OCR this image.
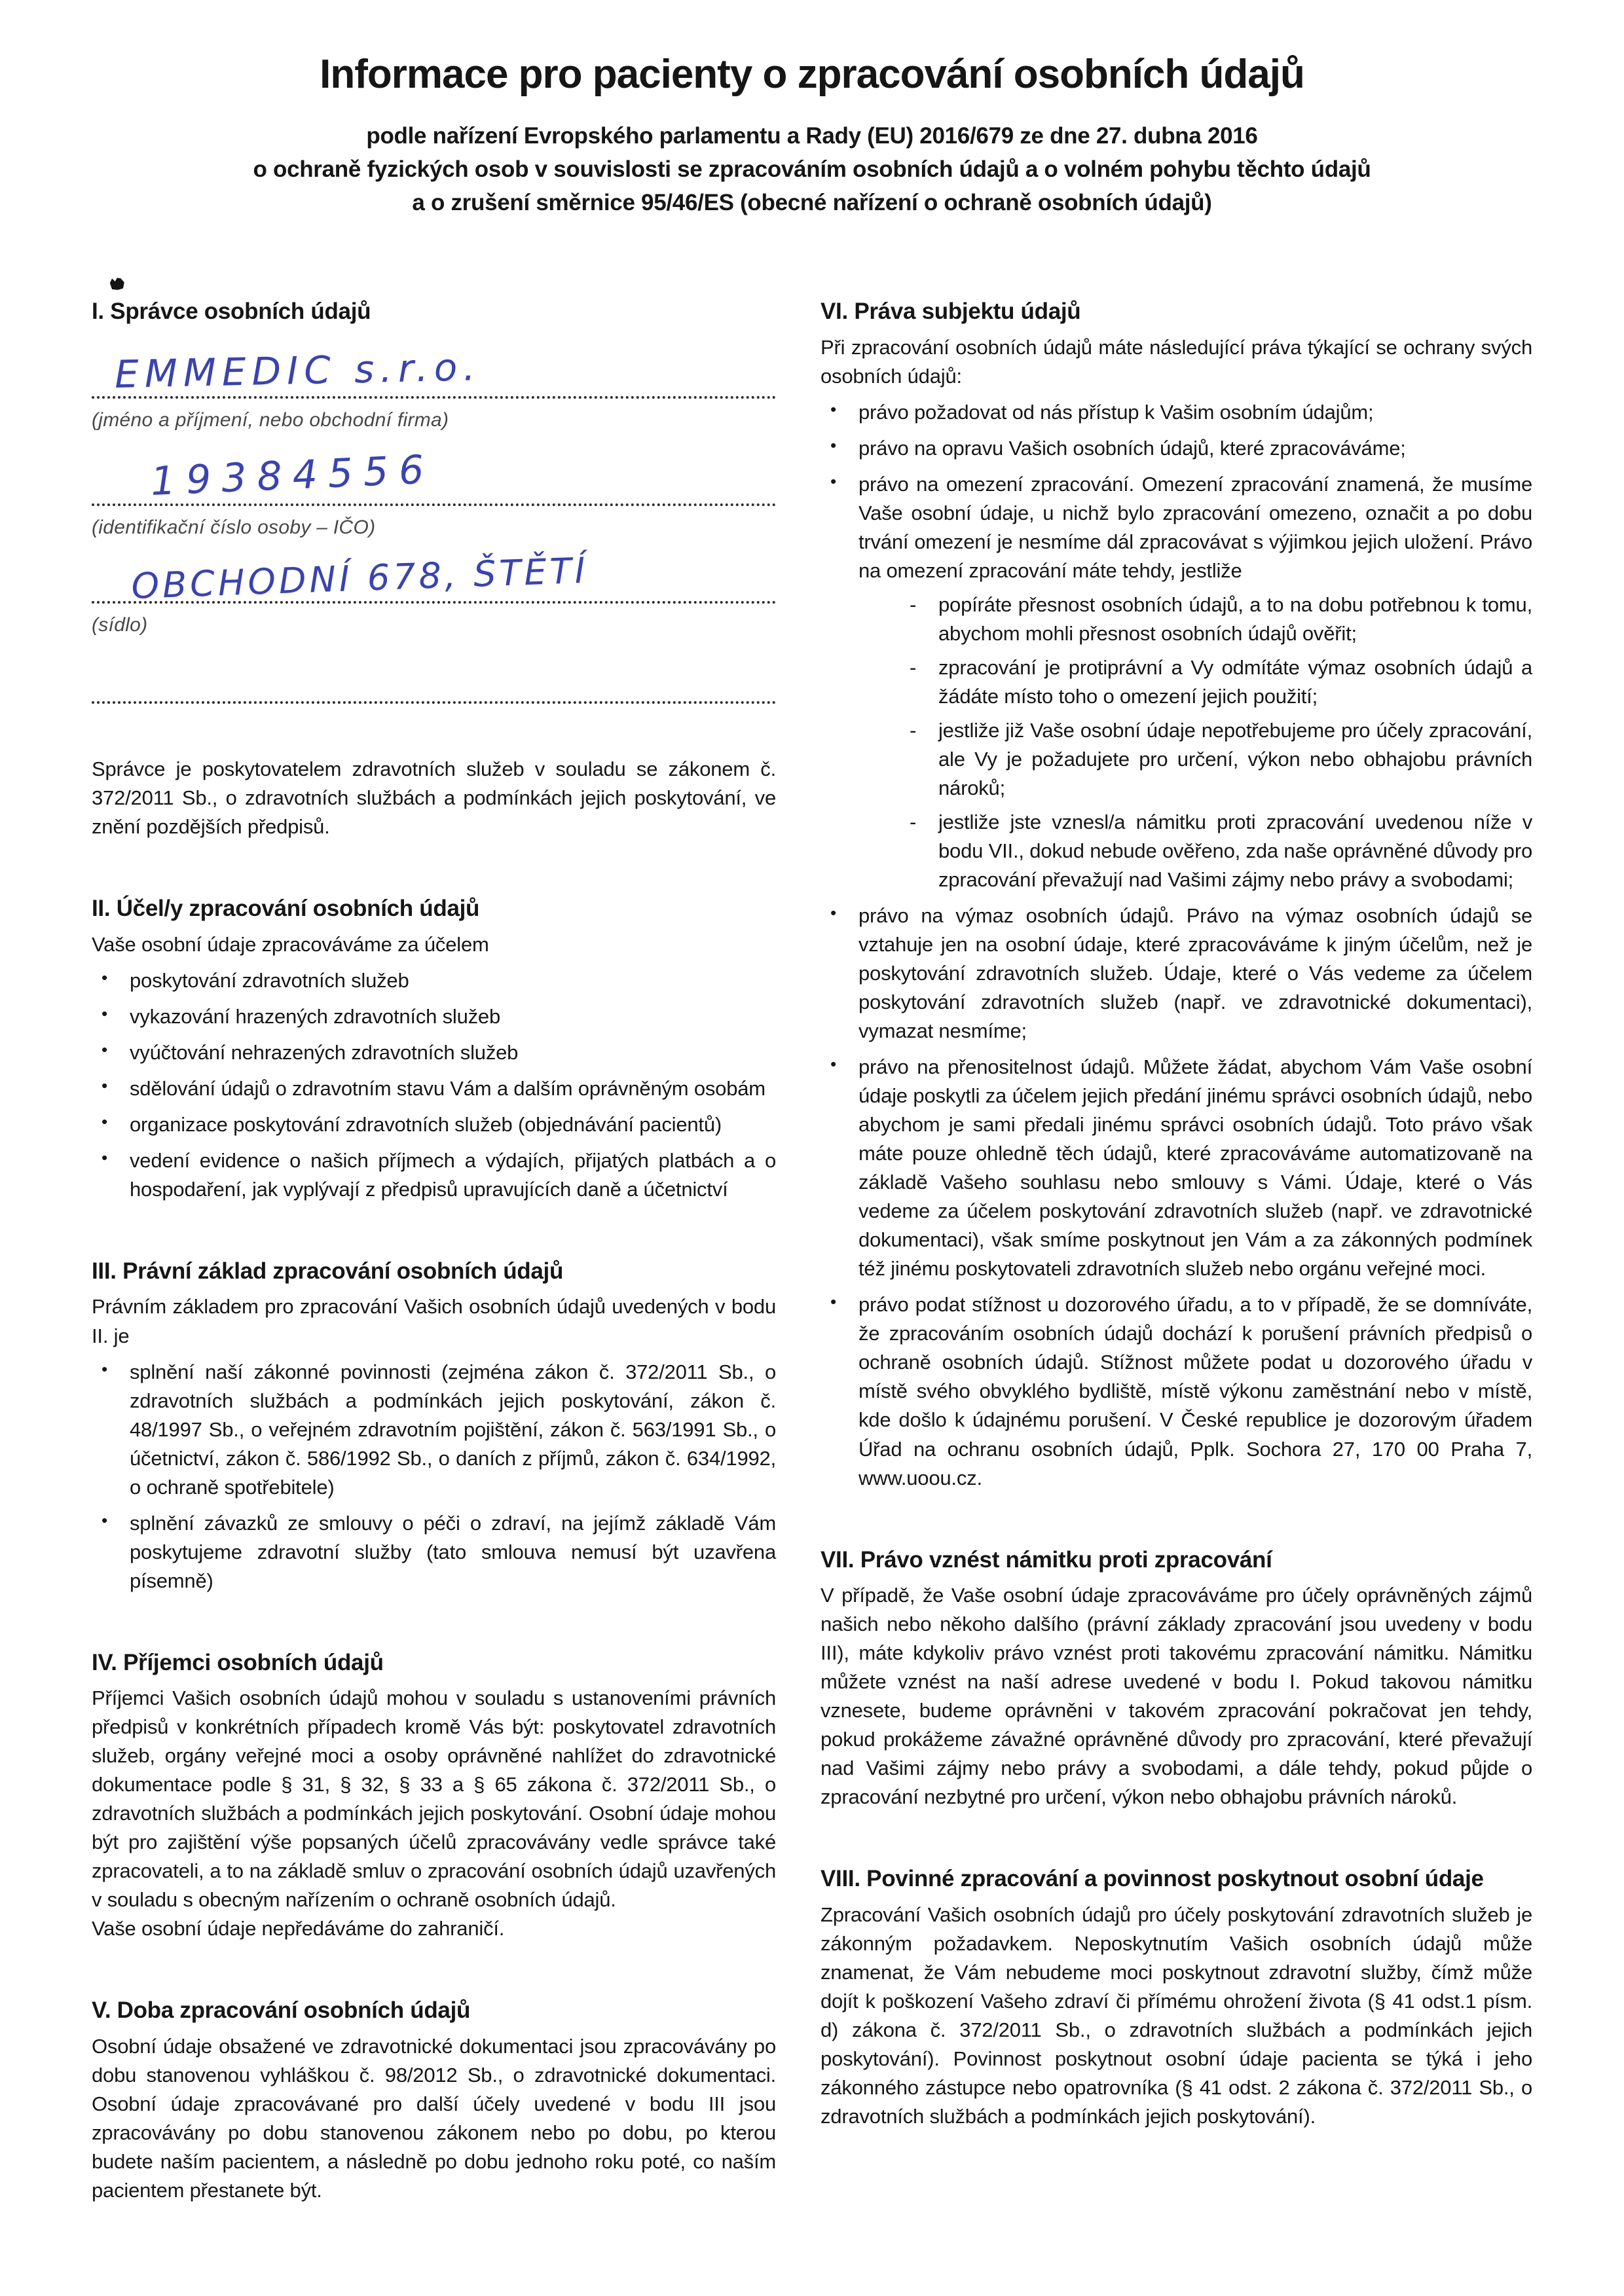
Informace pro pacienty o zpracování osobních údajů

podle nařízení Evropského parlamentu a Rady (EU) 2016/679 ze dne 27. dubna 2016

o ochraně fyzických osob v souvislosti se zpracováním osobních údajů a o volném pohybu těchto údajů

a o zrušení směrnice 95/46/ES (obecné nařízení o ochraně osobních údajů)

I. Správce osobních údajů
EMMEDIC s.r.o.
(jméno a příjmení, nebo obchodní firma)
19384556
(identifikační číslo osoby – IČO)
OBCHODNÍ 678, ŠTĚTÍ
(sídlo)

Správce je poskytovatelem zdravotních služeb v souladu se zákonem č. 372/2011 Sb., o zdravotních službách a podmínkách jejich poskytování, ve znění pozdějších předpisů.

II. Účel/y zpracování osobních údajů

Vaše osobní údaje zpracováváme za účelem

• poskytování zdravotních služeb
• vykazování hrazených zdravotních služeb
• vyúčtování nehrazených zdravotních služeb
• sdělování údajů o zdravotním stavu Vám a dalším oprávněným osobám
• organizace poskytování zdravotních služeb (objednávání pacientů)
• vedení evidence o našich příjmech a výdajích, přijatých platbách a o hospodaření, jak vyplývají z předpisů upravujících daně a účetnictví
III. Právní základ zpracování osobních údajů

Právním základem pro zpracování Vašich osobních údajů uvedených v bodu II. je

• splnění naší zákonné povinnosti (zejména zákon č. 372/2011 Sb., o zdravotních službách a podmínkách jejich poskytování, zákon č. 48/1997 Sb., o veřejném zdravotním pojištění, zákon č. 563/1991 Sb., o účetnictví, zákon č. 586/1992 Sb., o daních z příjmů, zákon č. 634/1992, o ochraně spotřebitele)
• splnění závazků ze smlouvy o péči o zdraví, na jejímž základě Vám poskytujeme zdravotní služby (tato smlouva nemusí být uzavřena písemně)
IV. Příjemci osobních údajů

Příjemci Vašich osobních údajů mohou v souladu s ustanoveními právních předpisů v konkrétních případech kromě Vás být: poskytovatel zdravotních služeb, orgány veřejné moci a osoby oprávněné nahlížet do zdravotnické dokumentace podle § 31, § 32, § 33 a § 65 zákona č. 372/2011 Sb., o zdravotních službách a podmínkách jejich poskytování. Osobní údaje mohou být pro zajištění výše popsaných účelů zpracovávány vedle správce také zpracovateli, a to na základě smluv o zpracování osobních údajů uzavřených v souladu s obecným nařízením o ochraně osobních údajů.

Vaše osobní údaje nepředáváme do zahraničí.

V. Doba zpracování osobních údajů

Osobní údaje obsažené ve zdravotnické dokumentaci jsou zpracovávány po dobu stanovenou vyhláškou č. 98/2012 Sb., o zdravotnické dokumentaci. Osobní údaje zpracovávané pro další účely uvedené v bodu III jsou zpracovávány po dobu stanovenou zákonem nebo po dobu, po kterou budete naším pacientem, a následně po dobu jednoho roku poté, co naším pacientem přestanete být.

VI. Práva subjektu údajů

Při zpracování osobních údajů máte následující práva týkající se ochrany svých osobních údajů:

• právo požadovat od nás přístup k Vašim osobním údajům;
• právo na opravu Vašich osobních údajů, které zpracováváme;
• právo na omezení zpracování. Omezení zpracování znamená, že musíme Vaše osobní údaje, u nichž bylo zpracování omezeno, označit a po dobu trvání omezení je nesmíme dál zpracovávat s výjimkou jejich uložení. Právo na omezení zpracování máte tehdy, jestliže
- popíráte přesnost osobních údajů, a to na dobu potřebnou k tomu, abychom mohli přesnost osobních údajů ověřit;
- zpracování je protiprávní a Vy odmítáte výmaz osobních údajů a žádáte místo toho o omezení jejich použití;
- jestliže již Vaše osobní údaje nepotřebujeme pro účely zpracování, ale Vy je požadujete pro určení, výkon nebo obhajobu právních nároků;
- jestliže jste vznesl/a námitku proti zpracování uvedenou níže v bodu VII., dokud nebude ověřeno, zda naše oprávněné důvody pro zpracování převažují nad Vašimi zájmy nebo právy a svobodami;
• právo na výmaz osobních údajů. Právo na výmaz osobních údajů se vztahuje jen na osobní údaje, které zpracováváme k jiným účelům, než je poskytování zdravotních služeb. Údaje, které o Vás vedeme za účelem poskytování zdravotních služeb (např. ve zdravotnické dokumentaci), vymazat nesmíme;
• právo na přenositelnost údajů. Můžete žádat, abychom Vám Vaše osobní údaje poskytli za účelem jejich předání jinému správci osobních údajů, nebo abychom je sami předali jinému správci osobních údajů. Toto právo však máte pouze ohledně těch údajů, které zpracováváme automatizovaně na základě Vašeho souhlasu nebo smlouvy s Vámi. Údaje, které o Vás vedeme za účelem poskytování zdravotních služeb (např. ve zdravotnické dokumentaci), však smíme poskytnout jen Vám a za zákonných podmínek též jinému poskytovateli zdravotních služeb nebo orgánu veřejné moci.
• právo podat stížnost u dozorového úřadu, a to v případě, že se domníváte, že zpracováním osobních údajů dochází k porušení právních předpisů o ochraně osobních údajů. Stížnost můžete podat u dozorového úřadu v místě svého obvyklého bydliště, místě výkonu zaměstnání nebo v místě, kde došlo k údajnému porušení. V České republice je dozorovým úřadem Úřad na ochranu osobních údajů, Pplk. Sochora 27, 170 00 Praha 7, www.uoou.cz.
VII. Právo vznést námitku proti zpracování

V případě, že Vaše osobní údaje zpracováváme pro účely oprávněných zájmů našich nebo někoho dalšího (právní základy zpracování jsou uvedeny v bodu III), máte kdykoliv právo vznést proti takovému zpracování námitku. Námitku můžete vznést na naší adrese uvedené v bodu I. Pokud takovou námitku vznesete, budeme oprávněni v takovém zpracování pokračovat jen tehdy, pokud prokážeme závažné oprávněné důvody pro zpracování, které převažují nad Vašimi zájmy nebo právy a svobodami, a dále tehdy, pokud půjde o zpracování nezbytné pro určení, výkon nebo obhajobu právních nároků.

VIII. Povinné zpracování a povinnost poskytnout osobní údaje

Zpracování Vašich osobních údajů pro účely poskytování zdravotních služeb je zákonným požadavkem. Neposkytnutím Vašich osobních údajů může znamenat, že Vám nebudeme moci poskytnout zdravotní služby, čímž může dojít k poškození Vašeho zdraví či přímému ohrožení života (§ 41 odst.1 písm. d) zákona č. 372/2011 Sb., o zdravotních službách a podmínkách jejich poskytování). Povinnost poskytnout osobní údaje pacienta se týká i jeho zákonného zástupce nebo opatrovníka (§ 41 odst. 2 zákona č. 372/2011 Sb., o zdravotních službách a podmínkách jejich poskytování).
